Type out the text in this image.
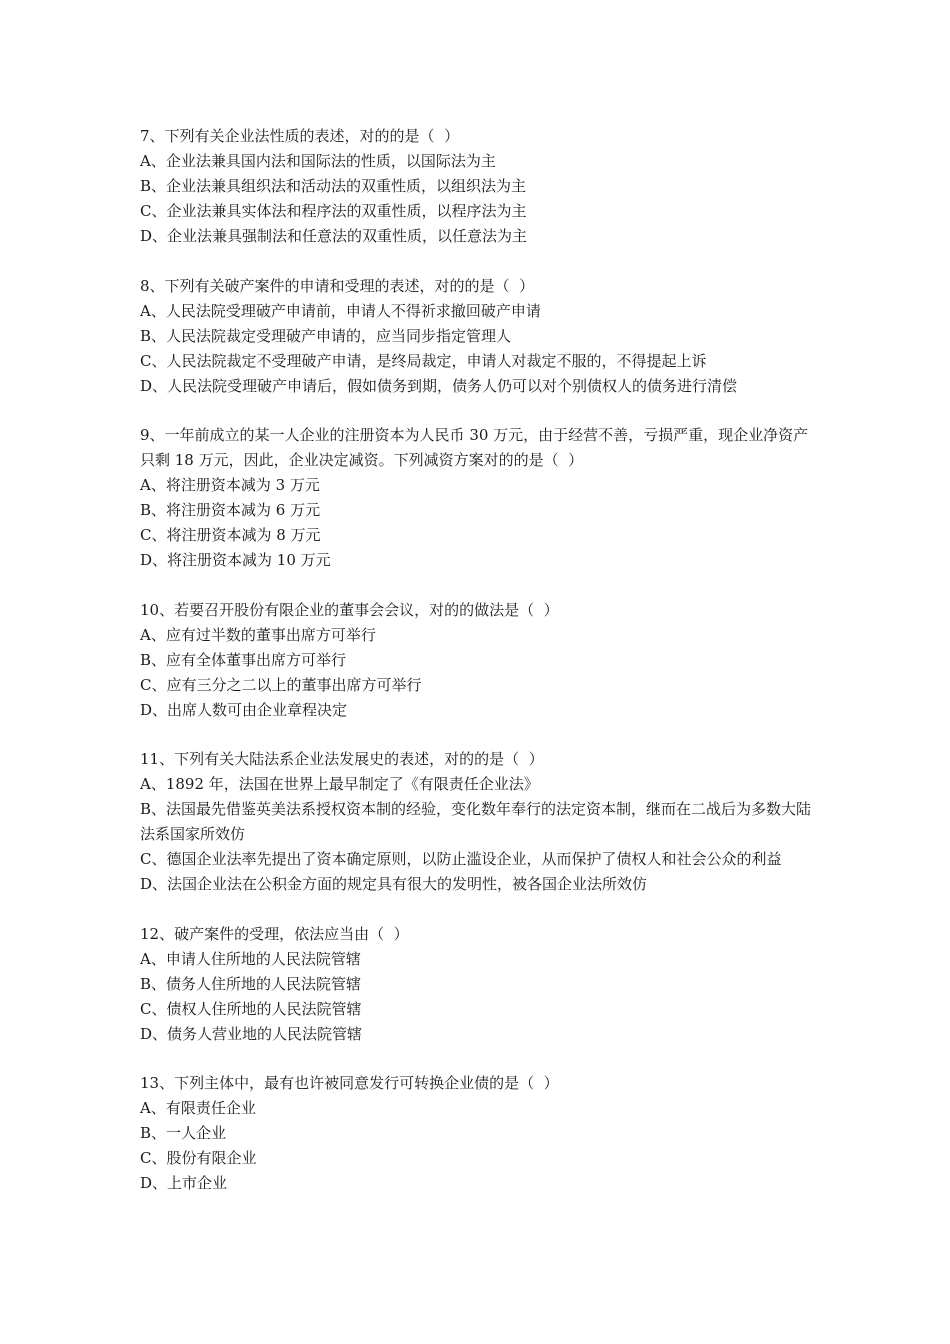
7、下列有关企业法性质的表述，对的的是（  ）
A、企业法兼具国内法和国际法的性质，以国际法为主
B、企业法兼具组织法和活动法的双重性质，以组织法为主
C、企业法兼具实体法和程序法的双重性质，以程序法为主
D、企业法兼具强制法和任意法的双重性质，以任意法为主
8、下列有关破产案件的申请和受理的表述，对的的是（  ）
A、人民法院受理破产申请前，申请人不得祈求撤回破产申请
B、人民法院裁定受理破产申请的，应当同步指定管理人
C、人民法院裁定不受理破产申请，是终局裁定，申请人对裁定不服的，不得提起上诉
D、人民法院受理破产申请后，假如债务到期，债务人仍可以对个别债权人的债务进行清偿
9、一年前成立的某一人企业的注册资本为人民币 30 万元，由于经营不善，亏损严重，现企业净资产只剩 18 万元，因此，企业决定减资。下列减资方案对的的是（  ）
A、将注册资本减为 3 万元
B、将注册资本减为 6 万元
C、将注册资本减为 8 万元
D、将注册资本减为 10 万元
10、若要召开股份有限企业的董事会会议，对的的做法是（  ）
A、应有过半数的董事出席方可举行
B、应有全体董事出席方可举行
C、应有三分之二以上的董事出席方可举行
D、出席人数可由企业章程决定
11、下列有关大陆法系企业法发展史的表述，对的的是（  ）
A、1892 年，法国在世界上最早制定了《有限责任企业法》
B、法国最先借鉴英美法系授权资本制的经验，变化数年奉行的法定资本制，继而在二战后为多数大陆法系国家所效仿
C、德国企业法率先提出了资本确定原则，以防止滥设企业，从而保护了债权人和社会公众的利益
D、法国企业法在公积金方面的规定具有很大的发明性，被各国企业法所效仿
12、破产案件的受理，依法应当由（  ）
A、申请人住所地的人民法院管辖
B、债务人住所地的人民法院管辖
C、债权人住所地的人民法院管辖
D、债务人营业地的人民法院管辖
13、下列主体中，最有也许被同意发行可转换企业债的是（  ）
A、有限责任企业
B、一人企业
C、股份有限企业
D、上市企业
